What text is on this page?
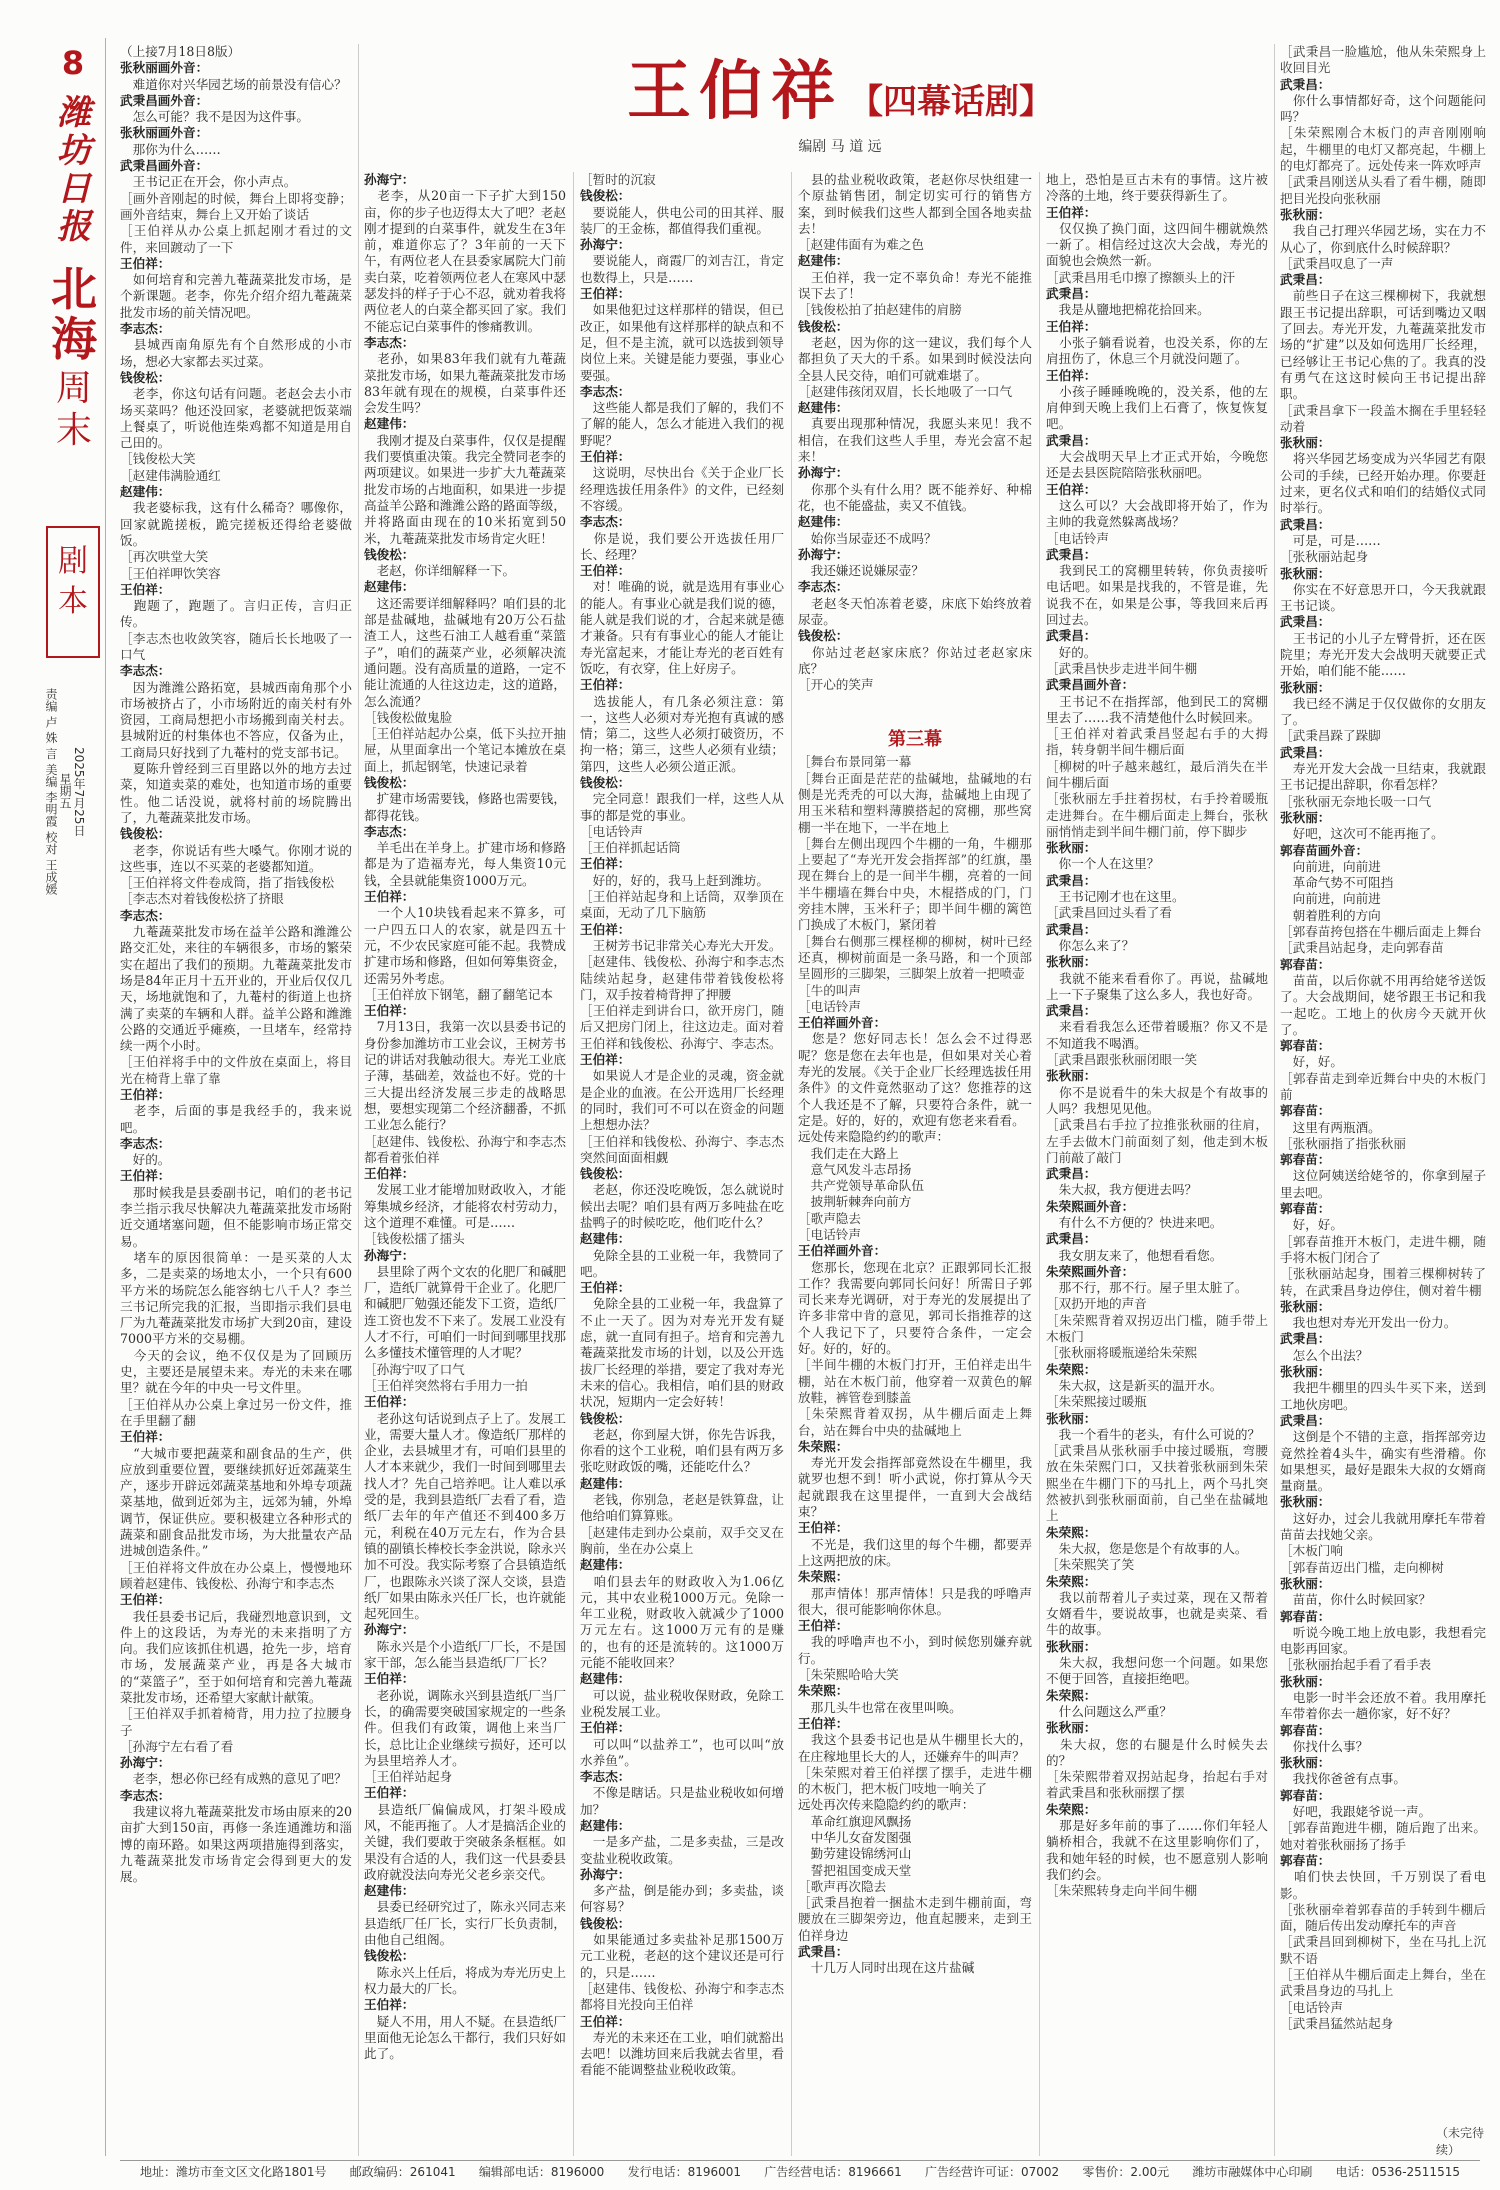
8
潍坊日报
北海
周末
剧本
2025年7月25日
星期五
责编 卢 姝 言 美编 李明霞 校对 王成媛
王伯祥 【四幕话剧】
编剧 马 道 远

（上接7月18日8版）

张秋丽画外音：

　难道你对兴华园艺场的前景没有信心？

武秉昌画外音：

　怎么可能？我不是因为这件事。

张秋丽画外音：

　那你为什么……

武秉昌画外音：

　王书记正在开会，你小声点。

［画外音刚起的时候，舞台上即将变静；画外音结束，舞台上又开始了谈话

［王伯祥从办公桌上抓起刚才看过的文件，来回踱动了一下

王伯祥：

　如何培育和完善九菴蔬菜批发市场，是个新课题。老李，你先介绍介绍九菴蔬菜批发市场的前关情况吧。

李志杰：

　县城西南角原先有个自然形成的小市场，想必大家都去买过菜。

钱俊松：

　老李，你这句话有问题。老赵会去小市场买菜吗？他还没回家，老婆就把饭菜端上餐桌了，听说他连柴鸡都不知道是用自己田的。

［钱俊松大笑

［赵建伟满脸通红

赵建伟：

　我老婆标我，这有什么稀奇？哪像你，回家就跪搓板，跪完搓板还得给老婆做饭。

［再次哄堂大笑

［王伯祥呷饮笑容

王伯祥：

　跑题了，跑题了。言归正传，言归正传。

［李志杰也收敛笑容，随后长长地吸了一口气

李志杰：

　因为潍潍公路拓宽，县城西南角那个小市场被挤占了，小市场附近的南关村有外资园，工商局想把小市场搬到南关村去。县城附近的村集体也不答应，仅备为止，工商局只好找到了九菴村的党支部书记。

　夏陈升曾经到三百里路以外的地方去过菜，知道卖菜的难处，也知道市场的重要性。他二话没说，就将村前的场院腾出了，九菴蔬菜批发市场。

钱俊松：

　老李，你说话有些大嗓气。你刚才说的这些事，连以不买菜的老婆都知道。

［王伯祥将文件卷成筒，指了指钱俊松

［李志杰对着钱俊松挤了挤眼

李志杰：

　九菴蔬菜批发市场在益羊公路和潍潍公路交汇处，来往的车辆很多，市场的繁荣实在超出了我们的预期。九菴蔬菜批发市场是84年正月十五开业的，开业后仅仅几天，场地就饱和了，九菴村的街道上也挤满了卖菜的车辆和人群。益羊公路和潍潍公路的交通近乎瘫痪，一旦堵车，经常持续一两个小时。

［王伯祥将手中的文件放在桌面上，将目光在椅背上靠了靠

王伯祥：

　老李，后面的事是我经手的，我来说吧。

李志杰：

　好的。

王伯祥：

　那时候我是县委副书记，咱们的老书记李兰指示我尽快解决九菴蔬菜批发市场附近交通堵塞问题，但不能影响市场正常交易。

　堵车的原因很简单：一是买菜的人太多，二是卖菜的场地太小，一个只有600平方米的场院怎么能容纳七八千人？李兰三书记所完我的汇报，当即指示我们县电厂为九菴蔬菜批发市场扩大到20亩，建设7000平方米的交易棚。

　今天的会议，绝不仅仅是为了回顾历史，主要还是展望未来。寿光的未来在哪里？就在今年的中央一号文件里。

［王伯祥从办公桌上拿过另一份文件，推在手里翻了翻

王伯祥：

　“大城市要把蔬菜和副食品的生产，供应放到重要位置，要继续抓好近郊蔬菜生产，逐步开辟远郊蔬菜基地和外埠专项蔬菜基地，做到近郊为主，远郊为辅，外埠调节，保证供应。要积极建立各种形式的蔬菜和副食品批发市场，为大批量农产品进城创造条件。”

［王伯祥将文件放在办公桌上，慢慢地环顾着赵建伟、钱俊松、孙海宁和李志杰

王伯祥：

　我任县委书记后，我碰烈地意识到，文件上的这段话，为寿光的未来指明了方向。我们应该抓住机遇，抢先一步，培育市场，发展蔬菜产业，再是各大城市的“菜篮子”，至于如何培育和完善九菴蔬菜批发市场，还希望大家献计献策。

［王伯祥双手抓着椅背，用力拉了拉腰身子

［孙海宁左右看了看

孙海宁：

　老李，想必你已经有成熟的意见了吧？

李志杰：

　我建议将九菴蔬菜批发市场由原来的20亩扩大到150亩，再修一条连通潍坊和淄博的南环路。如果这两项措施得到落实，九菴蔬菜批发市场肯定会得到更大的发展。

孙海宁：

　老李，从20亩一下子扩大到150亩，你的步子也迈得太大了吧？老赵刚才提到的白菜事件，就发生在3年前，难道你忘了？3年前的一天下午，有两位老人在县委家属院大门前卖白菜，吃着领两位老人在寒风中瑟瑟发抖的样子于心不忍，就劝着我将两位老人的白菜全都买回了家。我们不能忘记白菜事件的惨痛教训。

李志杰：

　老孙，如果83年我们就有九菴蔬菜批发市场，如果九菴蔬菜批发市场83年就有现在的规模，白菜事件还会发生吗？

赵建伟：

　我刚才提及白菜事件，仅仅是提醒我们要慎重决策。我完全赞同老李的两项建议。如果进一步扩大九菴蔬菜批发市场的占地面积，如果进一步提高益羊公路和潍潍公路的路面等级，并将路面由现在的10米拓宽到50米，九菴蔬菜批发市场肯定火旺！

钱俊松：

　老赵，你详细解释一下。

赵建伟：

　这还需要详细解释吗？咱们县的北部是盐碱地，盐碱地有20万公石盐渣工人，这些石油工人越看重“菜篮子”，咱们的蔬菜产业，必须解决流通问题。没有高质量的道路，一定不能让流通的人往这边走，这的道路，怎么流通？

［钱俊松做鬼脸

［王伯祥站起办公桌，低下头拉开抽屉，从里面拿出一个笔记本摊放在桌面上，抓起钢笔，快速记录着

钱俊松：

　扩建市场需要钱，修路也需要钱，都得花钱。

李志杰：

　羊毛出在羊身上。扩建市场和修路都是为了造福寿光，每人集资10元钱，全县就能集资1000万元。

王伯祥：

　一个人10块钱看起来不算多，可一户四五口人的农家，就是四五十元，不少农民家庭可能不起。我赞成扩建市场和修路，但如何筹集资金，还需另外考虑。

［王伯祥放下钢笔，翻了翻笔记本

王伯祥：

　7月13日，我第一次以县委书记的身份参加潍坊市工业会议，王树芳书记的讲话对我触动很大。寿光工业底子薄，基础差，效益也不好。党的十三大提出经济发展三步走的战略思想，要想实现第二个经济翻番，不抓工业怎么能行？

［赵建伟、钱俊松、孙海宁和李志杰都看着张伯祥

王伯祥：

　发展工业才能增加财政收入，才能筹集城乡经济，才能将农村劳动力，这个道理不难懂。可是……

［钱俊松擂了擂头

孙海宁：

　县里除了两个文农的化肥厂和碱肥厂，造纸厂就算骨干企业了。化肥厂和碱肥厂勉强还能发下工资，造纸厂连工资也发不下来了。发展工业没有人才不行，可咱们一时间到哪里找那么多懂技术懂管理的人才呢？

［孙海宁叹了口气

［王伯祥突然将右手用力一拍

王伯祥：

　老孙这句话说到点子上了。发展工业，需要大量人才。像造纸厂那样的企业，去县城里才有，可咱们县里的人才本来就少，我们一时间到哪里去找人才？先自己培养吧。让人难以承受的是，我到县造纸厂去看了看，造纸厂去年的年产值还不到400多万元，利税在40万元左右，作为合县镇的副镇长棒校长李金洪说，除永兴加不可没。我实际考察了合县镇造纸厂，也跟陈永兴谈了深人交谈，县造纸厂如果由陈永兴任厂长，也许就能起死回生。

孙海宁：

　陈永兴是个小造纸厂厂长，不是国家干部，怎么能当县造纸厂厂长？

王伯祥：

　老孙说，调陈永兴到县造纸厂当厂长，的确需要突破国家规定的一些条件。但我们有政策，调他上来当厂长，总比让企业继续亏损好，还可以为县里培养人才。

［王伯祥站起身

王伯祥：

　县造纸厂偏偏成风，打架斗殴成风，不能再拖了。人才是搞活企业的关键，我们要敢于突破条条框框。如果没有合适的人，我们这一代县委县政府就没法向寿光父老乡亲交代。

赵建伟：

　县委已经研究过了，陈永兴同志来县造纸厂任厂长，实行厂长负责制，由他自己组阁。

钱俊松：

　陈永兴上任后，将成为寿光历史上权力最大的厂长。

王伯祥：

　疑人不用，用人不疑。在县造纸厂里面他无论怎么干都行，我们只好如此了。

［暂时的沉寂

钱俊松：

　要说能人，供电公司的田其祥、服装厂的王金栋，都值得我们重视。

孙海宁：

　要说能人，商霞厂的刘吉江，肯定也数得上，只是……

王伯祥：

　如果他犯过这样那样的错误，但已改正，如果他有这样那样的缺点和不足，但不是主流，就可以选拔到领导岗位上来。关键是能力要强，事业心要强。

李志杰：

　这些能人都是我们了解的，我们不了解的能人，怎么才能进入我们的视野呢？

王伯祥：

　这说明，尽快出台《关于企业厂长经理选拔任用条件》的文件，已经刻不容缓。

李志杰：

　你是说，我们要公开选拔任用厂长、经理？

王伯祥：

　对！唯确的说，就是选用有事业心的能人。有事业心就是我们说的德，能人就是我们说的才，合起来就是德才兼备。只有有事业心的能人才能让寿光富起来，才能让寿光的老百姓有饭吃，有衣穿，住上好房子。

王伯祥：

　选拔能人，有几条必须注意：第一，这些人必须对寿光抱有真诚的感情；第二，这些人必须打破资历，不拘一格；第三，这些人必须有业绩；第四，这些人必须公道正派。

钱俊松：

　完全同意！跟我们一样，这些人从事的都是党的事业。

［电话铃声

［王伯祥抓起话筒

王伯祥：

　好的，好的，我马上赶到潍坊。

［王伯祥站起身和上话筒，双拳顶在桌面，无动了几下脑筋

王伯祥：

　王树芳书记非常关心寿光大开发。

［赵建伟、钱俊松、孙海宁和李志杰陆续站起身，赵建伟带着钱俊松将门，双手按着椅背押了押腰

［王伯祥走到讲台口，欲开房门，随后又把房门闭上，往这边走。面对着王伯祥和钱俊松、孙海宁、李志杰。

王伯祥：

　如果说人才是企业的灵魂，资金就是企业的血液。在公开选用厂长经理的同时，我们可不可以在资金的问题上想想办法？

［王伯祥和钱俊松、孙海宁、李志杰突然间面面相觑

钱俊松：

　老赵，你还没吃晚饭，怎么就说时候出去呢？咱们县有两万多吨盐在吃盐鸭子的时候吃吃，他们吃什么？

赵建伟：

　免除全县的工业税一年，我赞同了吧。

王伯祥：

　免除全县的工业税一年，我盘算了不止一天了。因为对寿光开发有疑虑，就一直同有担子。培育和完善九菴蔬菜批发市场的计划，以及公开选拔厂长经理的举措，要定了我对寿光未来的信心。我相信，咱们县的财政状况，短期内一定会好转！

钱俊松：

　老赵，你到屋大饼，你先告诉我，你看的这个工业税，咱们县有两万多张吃财政饭的嘴，还能吃什么？

赵建伟：

　老钱，你别急，老赵是铁算盘，让他给咱们算算账。

［赵建伟走到办公桌前，双手交叉在胸前，坐在办公桌上

赵建伟：

　咱们县去年的财政收入为1.06亿元，其中农业税1000万元。免除一年工业税，财政收入就减少了1000万元左右。这1000万元有的是赚的，也有的还是流转的。这1000万元能不能收回来？

赵建伟：

　可以说，盐业税收保财政，免除工业税发展工业。

王伯祥：

　可以叫“以盐养工”，也可以叫“放水养鱼”。

李志杰：

　不像是瞎话。只是盐业税收如何增加？

赵建伟：

　一是多产盐，二是多卖盐，三是改变盐业税收政策。

孙海宁：

　多产盐，倒是能办到；多卖盐，谈何容易？

钱俊松：

　如果能通过多卖盐补足那1500万元工业税，老赵的这个建议还是可行的，只是……

［赵建伟、钱俊松、孙海宁和李志杰都将目光投向王伯祥

王伯祥：

　寿光的未来还在工业，咱们就豁出去吧！以潍坊回来后我就去省里，看看能不能调整盐业税收政策。

　县的盐业税收政策，老赵你尽快组建一个原盐销售团，制定切实可行的销售方案，到时候我们这些人都到全国各地卖盐去！

［赵建伟面有为难之色

赵建伟：

　王伯祥，我一定不辜负命！寿光不能推误下去了！

［钱俊松拍了拍赵建伟的肩膀

钱俊松：

　老赵，因为你的这一建议，我们每个人都担负了天大的千系。如果到时候没法向全县人民交待，咱们可就难堪了。

［赵建伟孩闭双眉，长长地吸了一口气

赵建伟：

　真要出现那种情况，我愿头来见！我不相信，在我们这些人手里，寿光会富不起来！

孙海宁：

　你那个头有什么用？既不能养好、种棉花，也不能盛盐，卖又不值钱。

赵建伟：

　始你当尿壶还不成吗？

孙海宁：

　我还嫌还说嫌尿壶？

李志杰：

　老赵冬天怕冻着老婆，床底下始终放着尿壶。

钱俊松：

　你站过老赵家床底？你站过老赵家床底？

［开心的笑声

第三幕

［舞台布景同第一幕

［舞台正面是茫茫的盐碱地，盐碱地的右侧是光秃秃的可以大海，盐碱地上由现了用玉米秸和塑料薄膜搭起的窝棚，那些窝棚一半在地下，一半在地上

［舞台左侧出现四个牛棚的一角，牛棚那上要起了“寿光开发会指挥部”的红旗，墨现在舞台上的是一间半牛棚，亮着的一间半牛棚墙在舞台中央，木棍搭成的门，门旁挂木牌，玉米秆子；即半间牛棚的篱笆门换成了木板门，紧闭着

［舞台右侧那三棵柽柳的柳树，树叶已经还真，柳树前面是一条马路，和一个顶部呈圆形的三脚架，三脚架上放着一把喷壶

［牛的叫声

［电话铃声

王伯祥画外音：

　您是？您好同志长！怎么会不过得恶呢？您是您在去年也是，但如果对关心着寿光的发展。《关于企业厂长经理选拔任用条件》的文件竟然驱动了这？您推荐的这个人我还是不了解，只要符合条件，就一定是。好的，好的，欢迎有您老来看看。

远处传来隐隐约约的歌声：

　我们走在大路上

　意气风发斗志昂扬

　共产党领导革命队伍

　披荆斩棘奔向前方

［歌声隐去

［电话铃声

王伯祥画外音：

　您那长，您现在北京？正跟郭同长汇报工作？我需要向郭同长问好！所需日子郭司长来寿光调研，对于寿光的发展提出了许多非常中肯的意见，郭司长指推荐的这个人我记下了，只要符合条件，一定会好。好的，好的。

［半间牛棚的木板门打开，王伯祥走出牛棚，站在木板门前，他穿着一双黄色的解放鞋，裤管卷到膝盖

［朱荣熙背着双拐，从牛棚后面走上舞台，站在舞台中央的盐碱地上

朱荣熙：

　寿光开发会指挥部竟然设在牛棚里，我就罗也想不到！听小武说，你打算从今天起就跟我在这里提伴，一直到大会战结束？

王伯祥：

　不光是，我们这里的每个牛棚，都要弄上这两把放的床。

朱荣熙：

　那声情体！那声情体！只是我的呼噜声很大，很可能影响你休息。

王伯祥：

　我的呼噜声也不小，到时候您别嫌弃就行。

［朱荣熙哈哈大笑

朱荣熙：

　那几头牛也常在夜里叫唤。

王伯祥：

　我这个县委书记也是从牛棚里长大的，在庄稼地里长大的人，还嫌弃牛的叫声？

［朱荣熙对着王伯祥摆了摆手，走进牛棚的木板门，把木板门吱地一响关了

远处再次传来隐隐约约的歌声：

　革命红旗迎风飘扬

　中华儿女奋发图强

　勤劳建设锦绣河山

　誓把祖国变成天堂

［歌声再次隐去

［武秉昌抱着一捆盐木走到牛棚前面，弯腰放在三脚架旁边，他直起腰来，走到王伯祥身边

武秉昌：

　十几万人同时出现在这片盐碱

地上，恐怕是亘古未有的事情。这片被冷落的土地，终于要获得新生了。

王伯祥：

　仅仅换了换门面，这四间牛棚就焕然一新了。相信经过这次大会战，寿光的面貌也会焕然一新。

［武秉昌用毛巾擦了擦额头上的汗

武秉昌：

　我是从鹽地把棉花拾回来。

王伯祥：

　小张子躺看说着，也没关系，你的左肩扭伤了，休息三个月就没问题了。

王伯祥：

　小孩子睡睡晚晚的，没关系，他的左肩伸到天晚上我们上石膏了，恢复恢复吧。

武秉昌：

　大会战明天早上才正式开始，今晚您还是去县医院陪陪张秋丽吧。

王伯祥：

　这么可以？大会战即将开始了，作为主帅的我竟然躲离战场？

［电话铃声

武秉昌：

　我到民工的窝棚里转转，你负责接听电话吧。如果是找我的，不管是谁，先说我不在，如果是公事，等我回来后再回过去。

武秉昌：

　好的。

［武秉昌快步走进半间牛棚

武秉昌画外音：

　王书记不在指挥部，他到民工的窝棚里去了……我不清楚他什么时候回来。

［王伯祥对着武秉昌竖起右手的大拇指，转身朝半间牛棚后面

［柳树的叶子越来越红，最后消失在半间牛棚后面

［张秋丽左手拄着拐杖，右手拎着暖瓶走进舞台。在牛棚后面走上舞台，张秋丽悄悄走到半间牛棚门前，停下脚步

张秋丽：

　你一个人在这里？

武秉昌：

　王书记刚才也在这里。

［武秉昌回过头看了看

武秉昌：

　你怎么来了？

张秋丽：

　我就不能来看看你了。再说，盐碱地上一下子聚集了这么多人，我也好奇。

武秉昌：

　来看看我怎么还带着暖瓶？你又不是不知道我不喝酒。

［武秉昌跟张秋丽闭眼一笑

张秋丽：

　你不是说看牛的朱大叔是个有故事的人吗？我想见见他。

［武秉昌右手拉了拉推张秋丽的往肩，左手去做木门前面刻了刻，他走到木板门前敲了敲门

武秉昌：

　朱大叔，我方便进去吗？

朱荣熙画外音：

　有什么不方便的？快进来吧。

武秉昌：

　我女朋友来了，他想看看您。

朱荣熙画外音：

　那不行，那不行。屋子里太脏了。

［双扔开地的声音

［朱荣熙背着双拐迈出门槛，随手带上木板门

［张秋丽将暖瓶递给朱荣熙

朱荣熙：

　朱大叔，这是新买的温开水。

［朱荣熙接过暖瓶

张秋丽：

　我一个看牛的老头，有什么可说的？

［武秉昌从张秋丽手中接过暖瓶，弯腰放在朱荣熙门口，又扶着张秋丽到朱荣熙坐在牛棚门下的马扎上，两个马扎突然被扒到张秋丽面前，自己坐在盐碱地上

朱荣熙：

　朱大叔，您是您是个有故事的人。

［朱荣熙笑了笑

朱荣熙：

　我以前帮着儿子卖过菜，现在又帮着女婿看牛，要说故事，也就是卖菜、看牛的故事。

张秋丽：

　朱大叔，我想问您一个问题。如果您不便于回答，直接拒绝吧。

朱荣熙：

　什么问题这么严重？

张秋丽：

　朱大叔，您的右腿是什么时候失去的？

［朱荣熙带着双拐站起身，抬起右手对着武秉昌和张秋丽摆了摆

朱荣熙：

　那是好多年前的事了……你们年轻人躺桥相合，我就不在这里影响你们了，我和她年轻的时候，也不愿意别人影响我们约会。

［朱荣熙转身走向半间牛棚

［武秉昌一脸尴尬，他从朱荣熙身上收回目光

武秉昌：

　你什么事情都好奇，这个问题能问吗？

［朱荣熙刚合木板门的声音刚刚响起，牛棚里的电灯又都亮起，牛棚上的电灯都亮了。远处传来一阵欢呼声

［武秉昌刚送从头看了看牛棚，随即把目光投向张秋丽

张秋丽：

　我自己打理兴华园艺场，实在力不从心了，你到底什么时候辞职？

［武秉昌叹息了一声

武秉昌：

　前些日子在这三棵柳树下，我就想跟王书记提出辞职，可话到嘴边又咽了回去。寿光开发，九菴蔬菜批发市场的“扩建”以及如何选用厂长经理，已经够让王书记心焦的了。我真的没有勇气在这这时候向王书记提出辞职。

［武秉昌拿下一段盖木搁在手里轻轻动着

张秋丽：

　将兴华园艺场变成为兴华园艺有限公司的手续，已经开始办理。你要赶过来，更名仪式和咱们的结婚仪式同时举行。

武秉昌：

　可是，可是……

［张秋丽站起身

张秋丽：

　你实在不好意思开口，今天我就跟王书记谈。

武秉昌：

　王书记的小儿子左臂骨折，还在医院里；寿光开发大会战明天就要正式开始，咱们能不能……

张秋丽：

　我已经不满足于仅仅做你的女朋友了。

［武秉昌跺了跺脚

武秉昌：

　寿光开发大会战一旦结束，我就跟王书记提出辞职，你看怎样？

［张秋丽无奈地长吸一口气

张秋丽：

　好吧，这次可不能再拖了。

郭春苗画外音：

　向前进，向前进

　革命气势不可阻挡

　向前进，向前进

　朝着胜利的方向

［郭春苗挎包搭在牛棚后面走上舞台

［武秉昌站起身，走向郭春苗

郭春苗：

　苗苗，以后你就不用再给姥爷送饭了。大会战期间，姥爷跟王书记和我一起吃。工地上的伙房今天就开伙了。

郭春苗：

　好，好。

［郭春苗走到牵近舞台中央的木板门前

郭春苗：

　这里有两瓶酒。

［张秋丽指了指张秋丽

郭春苗：

　这位阿姨送给姥爷的，你拿到屋子里去吧。

郭春苗：

　好，好。

［郭春苗推开木板门，走进牛棚，随手将木板门闭合了

［张秋丽站起身，围着三棵柳树转了转，在武秉昌身边停住，侧对着牛棚

张秋丽：

　我也想对寿光开发出一份力。

武秉昌：

　怎么个出法？

张秋丽：

　我把牛棚里的四头牛买下来，送到工地伙房吧。

武秉昌：

　这倒是个不错的主意，指挥部旁边竟然拴着4头牛，确实有些滑稽。你如果想买，最好是跟朱大叔的女婿商量商量。

张秋丽：

　这好办，过会儿我就用摩托车带着苗苗去找她父亲。

［木板门响

［郭春苗迈出门槛，走向柳树

张秋丽：

　苗苗，你什么时候回家？

郭春苗：

　听说今晚工地上放电影，我想看完电影再回家。

［张秋丽抬起手看了看手表

张秋丽：

　电影一时半会还放不着。我用摩托车带着你去一趟你家，好不好？

郭春苗：

　你找什么事？

张秋丽：

　我找你爸爸有点事。

郭春苗：

　好吧，我跟姥爷说一声。

［郭春苗跑进牛棚，随后跑了出来。她对着张秋丽扬了扬手

郭春苗：

　咱们快去快回，千万别误了看电影。

［张秋丽牵着郭春苗的手转到牛棚后面，随后传出发动摩托车的声音

［武秉昌回到柳树下，坐在马扎上沉默不语

［王伯祥从牛棚后面走上舞台，坐在武秉昌身边的马扎上

［电话铃声

［武秉昌猛然站起身

（未完待续）
地址：潍坊市奎文区文化路1801号 邮政编码：261041 编辑部电话：8196000 发行电话：8196001 广告经营电话：8196661 广告经营许可证：07002 零售价：2.00元 潍坊市融媒体中心印刷 电话：0536-2511515
